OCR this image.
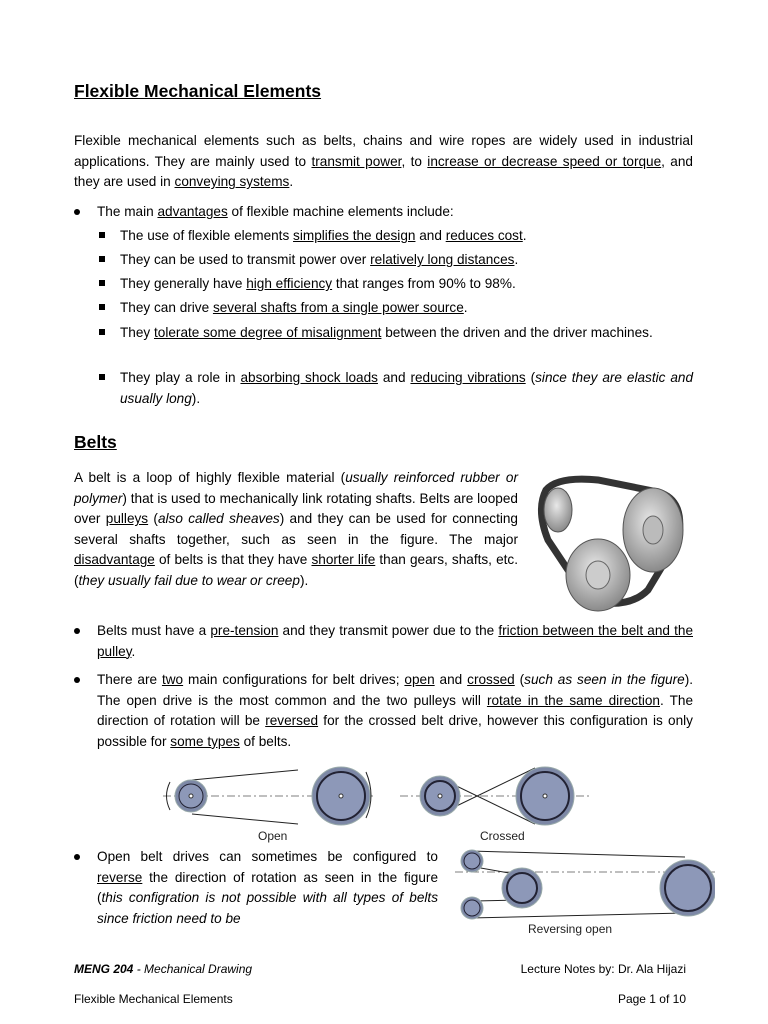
Flexible Mechanical Elements
Flexible mechanical elements such as belts, chains and wire ropes are widely used in industrial applications. They are mainly used to transmit power, to increase or decrease speed or torque, and they are used in conveying systems.
The main advantages of flexible machine elements include:
The use of flexible elements simplifies the design and reduces cost.
They can be used to transmit power over relatively long distances.
They generally have high efficiency that ranges from 90% to 98%.
They can drive several shafts from a single power source.
They tolerate some degree of misalignment between the driven and the driver machines.
They play a role in absorbing shock loads and reducing vibrations (since they are elastic and usually long).
Belts
A belt is a loop of highly flexible material (usually reinforced rubber or polymer) that is used to mechanically link rotating shafts. Belts are looped over pulleys (also called sheaves) and they can be used for connecting several shafts together, such as seen in the figure. The major disadvantage of belts is that they have shorter life than gears, shafts, etc.(they usually fail due to wear or creep).
Belts must have a pre-tension and they transmit power due to the friction between the belt and the pulley.
There are two main configurations for belt drives; open and crossed (such as seen in the figure). The open drive is the most common and the two pulleys will rotate in the same direction. The direction of rotation will be reversed for the crossed belt drive, however this configuration is only possible for some types of belts.
Open	Crossed
Open belt drives can sometimes be configured to reverse the direction of rotation as seen in the figure (this configration is not possible with all types of belts since friction need to be
Reversing open
MENG 204 - Mechanical Drawing	Lecture Notes by: Dr. Ala Hijazi
Flexible Mechanical Elements	Page 1 of 10
